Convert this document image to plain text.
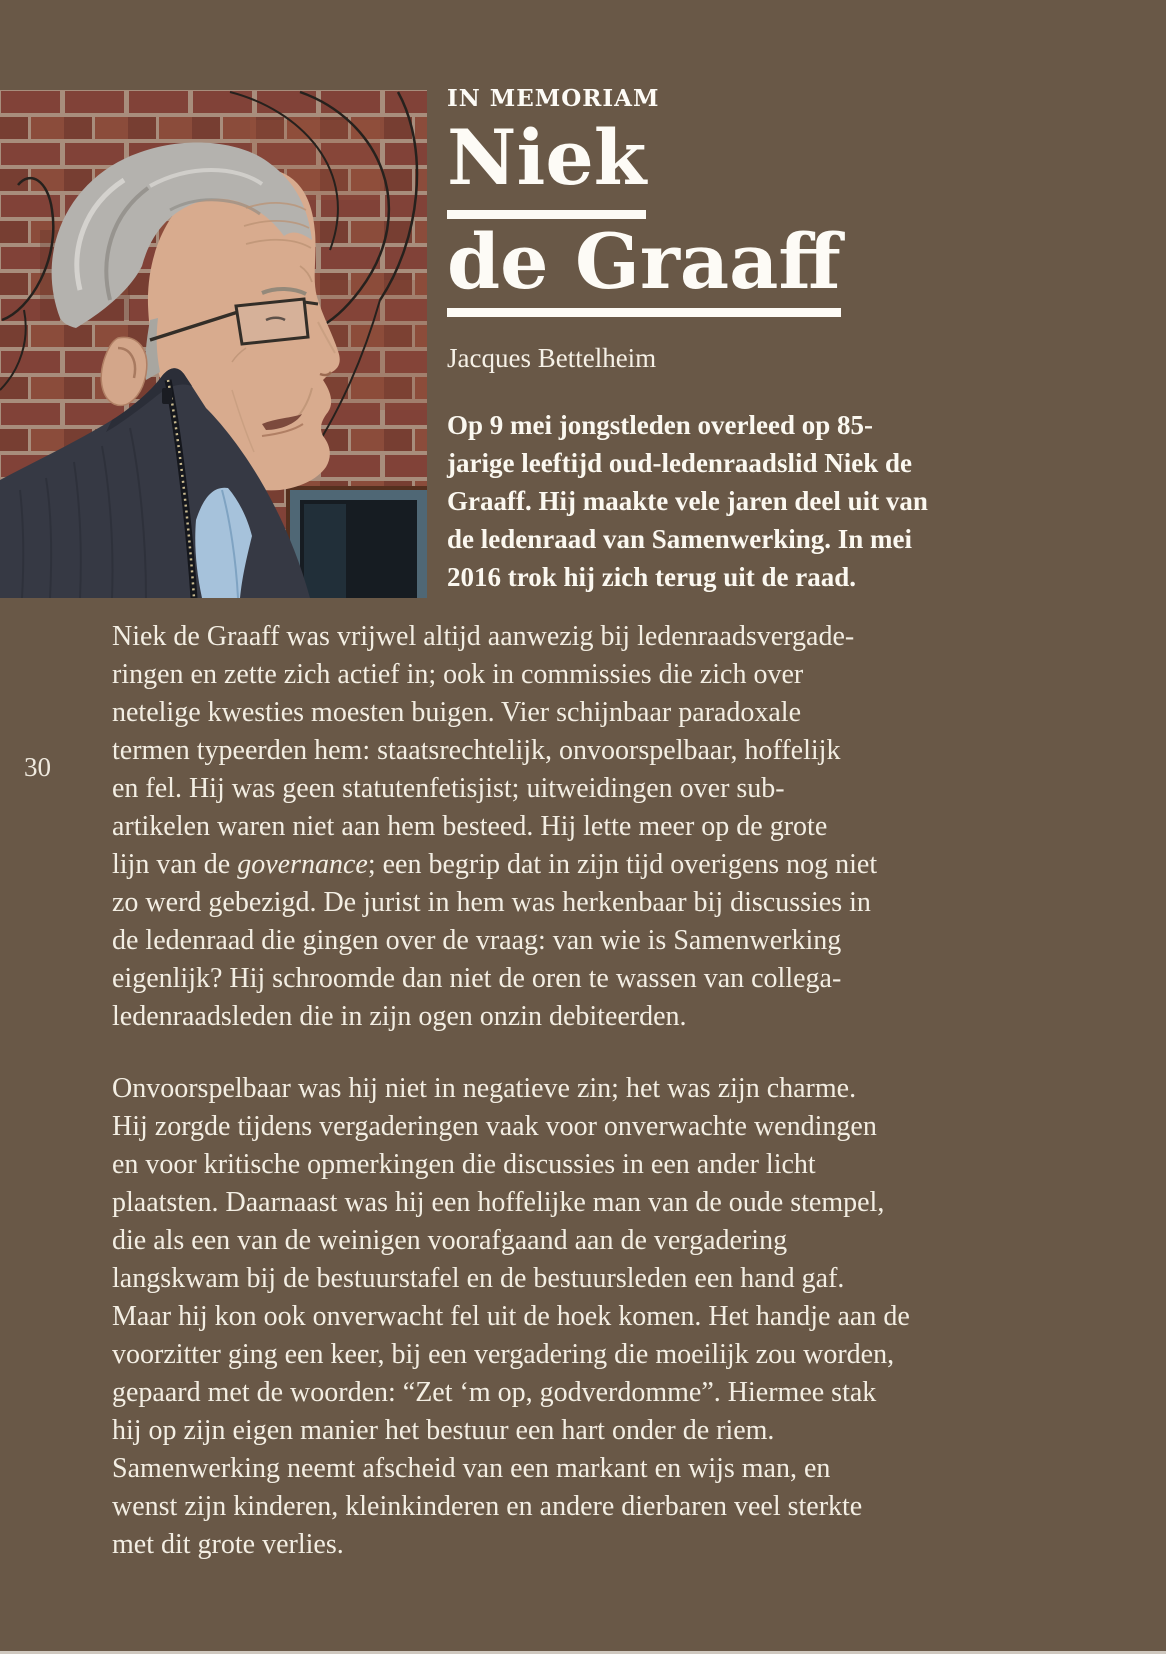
IN MEMORIAM
Niek
de Graaff
Jacques Bettelheim
Op 9 mei jongstleden overleed op 85-
jarige leeftijd oud-ledenraadslid Niek de
Graaff. Hij maakte vele jaren deel uit van
de ledenraad van Samenwerking. In mei
2016 trok hij zich terug uit de raad.
30
Niek de Graaff was vrijwel altijd aanwezig bij ledenraadsvergade-
ringen en zette zich actief in; ook in commissies die zich over
netelige kwesties moesten buigen. Vier schijnbaar paradoxale
termen typeerden hem: staatsrechtelijk, onvoorspelbaar, hoffelijk
en fel. Hij was geen statutenfetisjist; uitweidingen over sub-
artikelen waren niet aan hem besteed. Hij lette meer op de grote
lijn van de governance; een begrip dat in zijn tijd overigens nog niet
zo werd gebezigd. De jurist in hem was herkenbaar bij discussies in
de ledenraad die gingen over de vraag: van wie is Samenwerking
eigenlijk? Hij schroomde dan niet de oren te wassen van collega-
ledenraadsleden die in zijn ogen onzin debiteerden.
Onvoorspelbaar was hij niet in negatieve zin; het was zijn charme.
Hij zorgde tijdens vergaderingen vaak voor onverwachte wendingen
en voor kritische opmerkingen die discussies in een ander licht
plaatsten. Daarnaast was hij een hoffelijke man van de oude stempel,
die als een van de weinigen voorafgaand aan de vergadering
langskwam bij de bestuurstafel en de bestuursleden een hand gaf.
Maar hij kon ook onverwacht fel uit de hoek komen. Het handje aan de
voorzitter ging een keer, bij een vergadering die moeilijk zou worden,
gepaard met de woorden: “Zet ‘m op, godverdomme”. Hiermee stak
hij op zijn eigen manier het bestuur een hart onder de riem.
Samenwerking neemt afscheid van een markant en wijs man, en
wenst zijn kinderen, kleinkinderen en andere dierbaren veel sterkte
met dit grote verlies.
